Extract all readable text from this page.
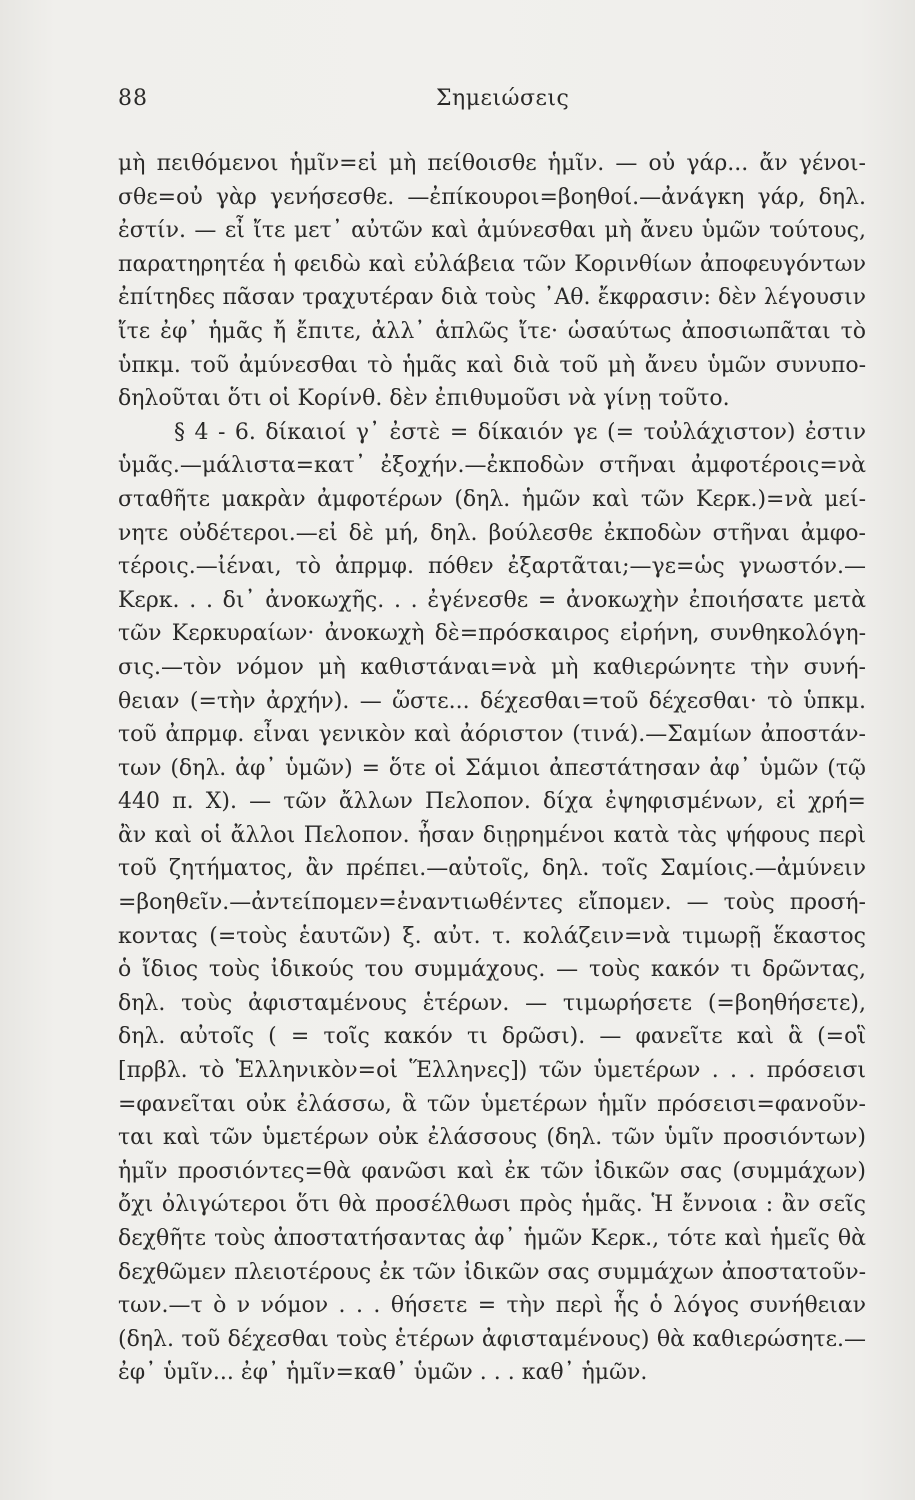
88	Σημειώσεις
μὴ πειθόμενοι ἡμῖν=εἰ μὴ πείθοισθε ἡμῖν. — οὐ γάρ... ἄν γένοι-
σθε=οὐ γὰρ γενήσεσθε. —ἐπίκουροι=βοηθοί.—ἀνάγκη γάρ, δηλ.
ἐστίν. — εἶ ἴτε μετ᾽ αὐτῶν καὶ ἀμύνεσθαι μὴ ἄνευ ὑμῶν τούτους,
παρατηρητέα ἡ φειδὼ καὶ εὐλάβεια τῶν Κορινθίων ἀποφευγόντων
ἐπίτηδες πᾶσαν τραχυτέραν διὰ τοὺς ᾿Αθ. ἔκφρασιν: δὲν λέγουσιν
ἴτε ἐφ᾽ ἡμᾶς ἤ ἔπιτε, ἀλλ᾽ ἁπλῶς ἴτε· ὡσαύτως ἀποσιωπᾶται τὸ
ὑπκμ. τοῦ ἀμύνεσθαι τὸ ἡμᾶς καὶ διὰ τοῦ μὴ ἄνευ ὑμῶν συνυπο-
δηλοῦται ὅτι οἱ Κορίνθ. δὲν ἐπιθυμοῦσι νὰ γίνῃ τοῦτο.
§ 4 - 6. δίκαιοί γ᾽ ἐστὲ = δίκαιόν γε (= τοὐλάχιστον) ἐστιν
ὑμᾶς.—μάλιστα=κατ᾽ ἐξοχήν.—ἐκποδὼν στῆναι ἀμφοτέροις=νὰ
σταθῆτε μακρὰν ἀμφοτέρων (δηλ. ἡμῶν καὶ τῶν Κερκ.)=νὰ μεί-
νητε οὐδέτεροι.—εἰ δὲ μή, δηλ. βούλεσθε ἐκποδὼν στῆναι ἀμφο-
τέροις.—ἰέναι, τὸ ἀπρμφ. πόθεν ἐξαρτᾶται;—γε=ὡς γνωστόν.—
Κερκ. . . δι᾽ ἀνοκωχῆς. . . ἐγένεσθε = ἀνοκωχὴν ἐποιήσατε μετὰ
τῶν Κερκυραίων· ἀνοκωχὴ δὲ=πρόσκαιρος εἰρήνη, συνθηκολόγη-
σις.—τὸν νόμον μὴ καθιστάναι=νὰ μὴ καθιερώνητε τὴν συνή-
θειαν (=τὴν ἀρχήν). — ὥστε... δέχεσθαι=τοῦ δέχεσθαι· τὸ ὑπκμ.
τοῦ ἀπρμφ. εἶναι γενικὸν καὶ ἀόριστον (τινά).—Σαμίων ἀποστάν-
των (δηλ. ἀφ᾽ ὑμῶν) = ὅτε οἱ Σάμιοι ἀπεστάτησαν ἀφ᾽ ὑμῶν (τῷ
440 π. Χ). — τῶν ἄλλων Πελοπον. δίχα ἐψηφισμένων, εἰ χρή=
ἂν καὶ οἱ ἄλλοι Πελοπον. ἦσαν διῃρημένοι κατὰ τὰς ψήφους περὶ
τοῦ ζητήματος, ἂν πρέπει.—αὐτοῖς, δηλ. τοῖς Σαμίοις.—ἀμύνειν
=βοηθεῖν.—ἀντείπομεν=ἐναντιωθέντες εἴπομεν. — τοὺς προσή-
κοντας (=τοὺς ἑαυτῶν) ξ. αὐτ. τ. κολάζειν=νὰ τιμωρῇ ἕκαστος
ὁ ἴδιος τοὺς ἰδικούς του συμμάχους. — τοὺς κακόν τι δρῶντας,
δηλ. τοὺς ἀφισταμένους ἑτέρων. — τιμωρήσετε (=βοηθήσετε),
δηλ. αὐτοῖς ( = τοῖς κακόν τι δρῶσι). — φανεῖτε καὶ ἃ (=οἳ
[πρβλ. τὸ Ἑλληνικὸν=οἱ Ἕλληνες]) τῶν ὑμετέρων . . . πρόσεισι
=φανεῖται οὐκ ἐλάσσω, ἃ τῶν ὑμετέρων ἡμῖν πρόσεισι=φανοῦν-
ται καὶ τῶν ὑμετέρων οὐκ ἐλάσσους (δηλ. τῶν ὑμῖν προσιόντων)
ἡμῖν προσιόντες=θὰ φανῶσι καὶ ἐκ τῶν ἰδικῶν σας (συμμάχων)
ὄχι ὀλιγώτεροι ὅτι θὰ προσέλθωσι πρὸς ἡμᾶς. Ἡ ἔννοια : ἂν σεῖς
δεχθῆτε τοὺς ἀποστατήσαντας ἀφ᾽ ἡμῶν Κερκ., τότε καὶ ἡμεῖς θὰ
δεχθῶμεν πλειοτέρους ἐκ τῶν ἰδικῶν σας συμμάχων ἀποστατοῦν-
των.—τ ὸ ν νόμον . . . θήσετε = τὴν περὶ ἧς ὁ λόγος συνήθειαν
(δηλ. τοῦ δέχεσθαι τοὺς ἑτέρων ἀφισταμένους) θὰ καθιερώσητε.—
ἐφ᾽ ὑμῖν... ἐφ᾽ ἡμῖν=καθ᾽ ὑμῶν . . . καθ᾽ ἡμῶν.
